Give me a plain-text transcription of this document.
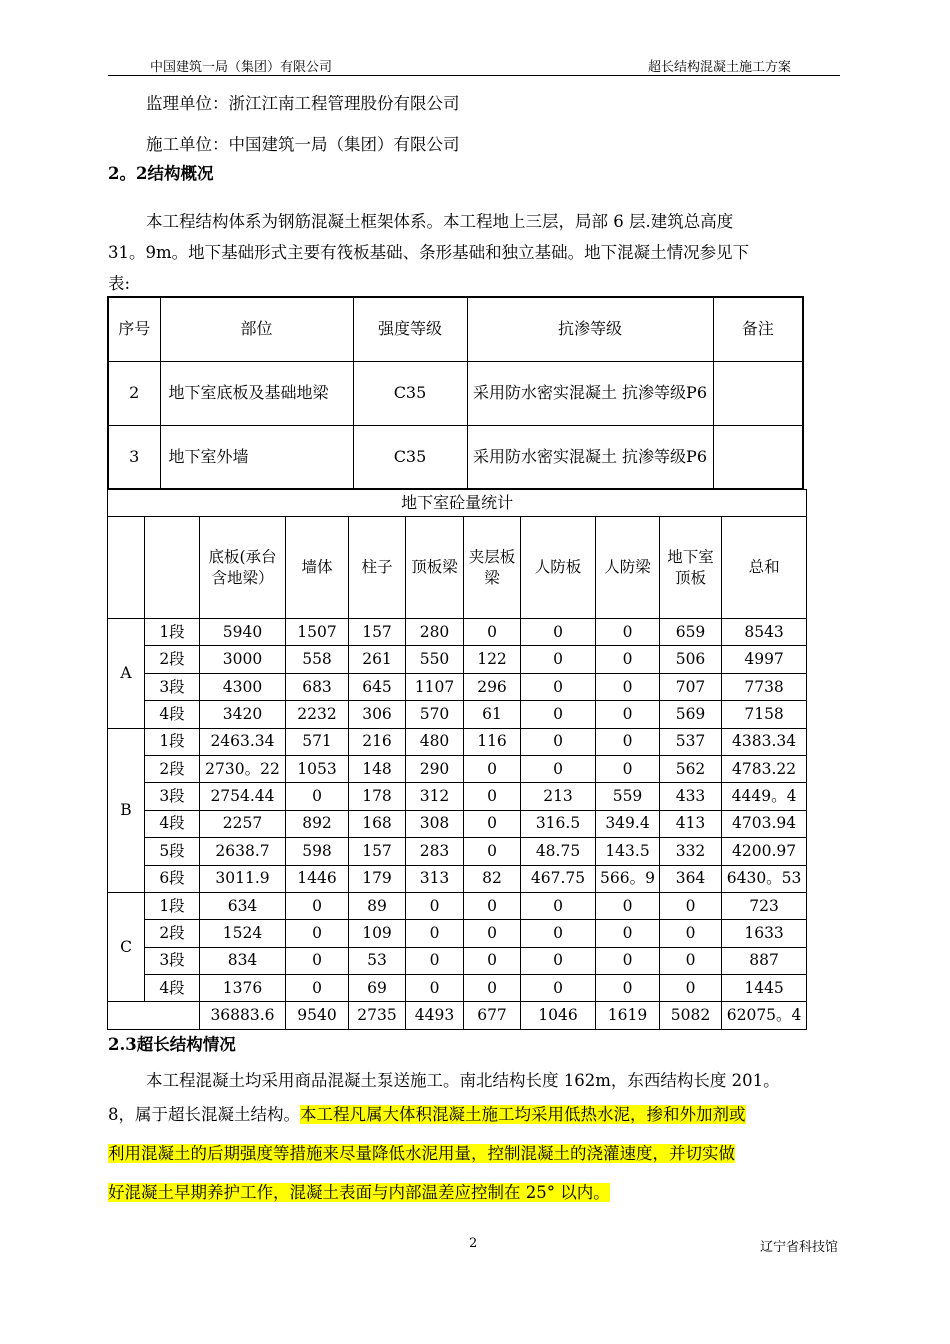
中国建筑一局（集团）有限公司	超长结构混凝土施工方案
监理单位：浙江江南工程管理股份有限公司
施工单位：中国建筑一局（集团）有限公司
2。2结构概况
本工程结构体系为钢筋混凝土框架体系。本工程地上三层，局部 6 层.建筑总高度
31。9m。地下基础形式主要有筏板基础、条形基础和独立基础。地下混凝土情况参见下
表:
序号	部位	强度等级	抗渗等级	备注
2	地下室底板及基础地梁	C35	采用防水密实混凝土 抗渗等级P6	
3	地下室外墙	C35	采用防水密实混凝土 抗渗等级P6	
地下室砼量统计										
		底板(承台含地梁）	墙体	柱子	顶板梁	夹层板梁	人防板	人防梁	地下室顶板	总和
A	1段	5940	1507	157	280	0	0	0	659	8543
	2段	3000	558	261	550	122	0	0	506	4997
	3段	4300	683	645	1107	296	0	0	707	7738
	4段	3420	2232	306	570	61	0	0	569	7158
B	1段	2463.34	571	216	480	116	0	0	537	4383.34
	2段	2730。22	1053	148	290	0	0	0	562	4783.22
	3段	2754.44	0	178	312	0	213	559	433	4449。4
	4段	2257	892	168	308	0	316.5	349.4	413	4703.94
	5段	2638.7	598	157	283	0	48.75	143.5	332	4200.97
	6段	3011.9	1446	179	313	82	467.75	566。9	364	6430。53
C	1段	634	0	89	0	0	0	0	0	723
	2段	1524	0	109	0	0	0	0	0	1633
	3段	834	0	53	0	0	0	0	0	887
	4段	1376	0	69	0	0	0	0	0	1445
		36883.6	9540	2735	4493	677	1046	1619	5082	62075。4
2.3超长结构情况
本工程混凝土均采用商品混凝土泵送施工。南北结构长度 162m，东西结构长度 201。
8，属于超长混凝土结构。本工程凡属大体积混凝土施工均采用低热水泥，掺和外加剂或
利用混凝土的后期强度等措施来尽量降低水泥用量，控制混凝土的浇灌速度，并切实做
好混凝土早期养护工作，混凝土表面与内部温差应控制在 25° 以内。
2	辽宁省科技馆
